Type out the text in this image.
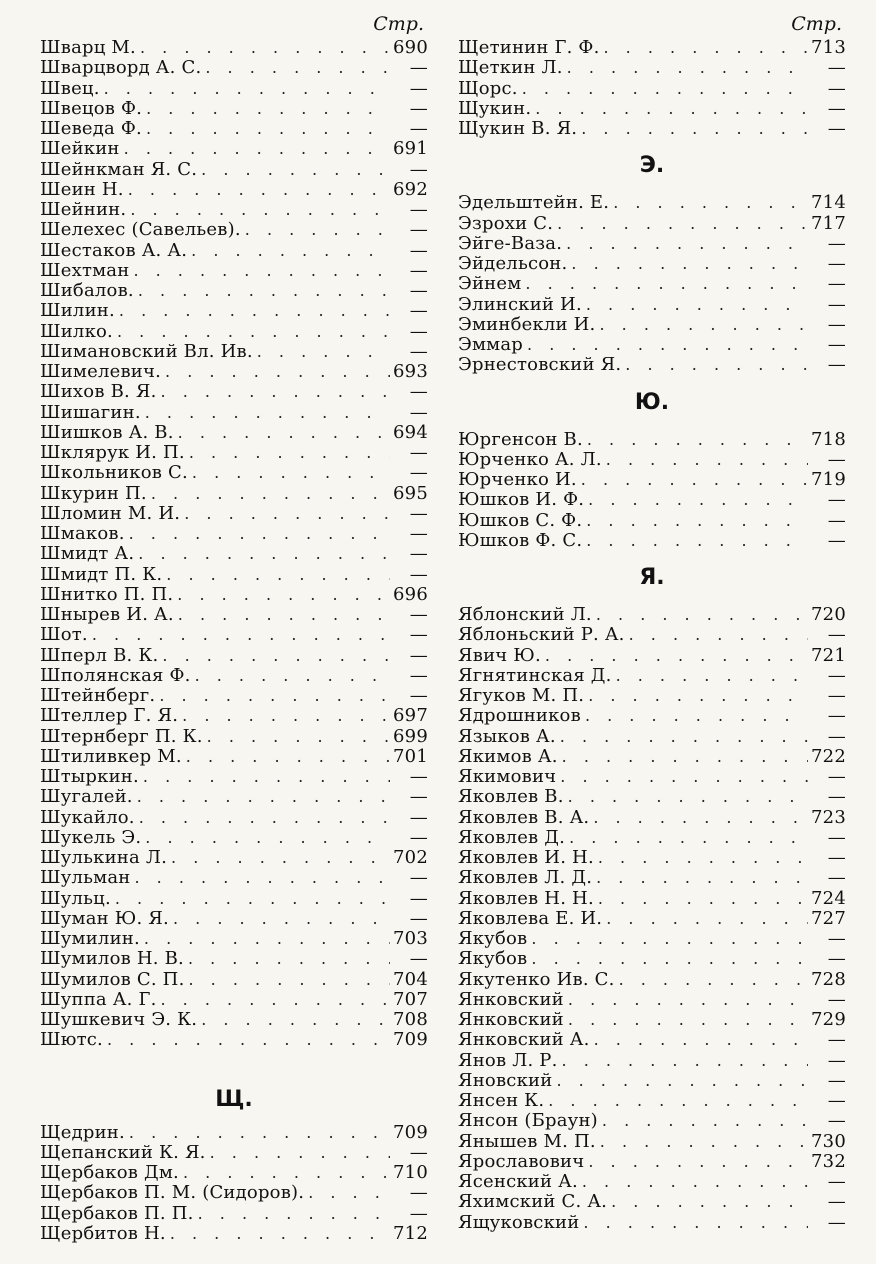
Стр.
Шварц М. . . .	690
Шварцворд А. С. . . .	—
Швец. . . .	—
Швецов Ф. . . .	—
Шеведа Ф. . . .	—
Шейкин . . .	691
Шейнкман Я. С. . . .	—
Шеин Н. . . .	692
Шейнин. . . .	—
Шелехес (Савельев). . . .	—
Шестаков А. А. . . .	—
Шехтман . . .	—
Шибалов. . . .	—
Шилин. . . .	—
Шилко. . . .	—
Шимановский Вл. Ив. . . .	—
Шимелевич. . . .	693
Шихов В. Я. . . .	—
Шишагин. . . .	—
Шишков А. В. . . .	694
Шклярук И. П. . . .	—
Школьников С. . . .	—
Шкурин П. . . .	695
Шломин М. И. . . .	—
Шмаков. . . .	—
Шмидт А. . . .	—
Шмидт П. К. . . .	—
Шнитко П. П. . . .	696
Шнырев И. А. . . .	—
Шот. . . .	—
Шперл В. К. . . .	—
Шполянская Ф. . . .	—
Штейнберг. . . .	—
Штеллер Г. Я. . . .	697
Штернберг П. К. . . .	699
Штиливкер М. . . .	701
Штыркин. . . .	—
Шугалей. . . .	—
Шукайло. . . .	—
Шукель Э. . . .	—
Шулькина Л. . . .	702
Шульман . . .	—
Шульц. . . .	—
Шуман Ю. Я. . . .	—
Шумилин. . . .	703
Шумилов Н. В. . . .	—
Шумилов С. П. . . .	704
Шуппа А. Г. . . .	707
Шушкевич Э. К. . . .	708
Шютс. . . .	709
Щ.
Щедрин. . . .	709
Щепанский К. Я. . . .	—
Щербаков Дм. . . .	710
Щербаков П. М. (Сидоров). . . .	—
Щербаков П. П. . . .	—
Щербитов Н. . . .	712
Стр.
Щетинин Г. Ф. . . .	713
Щеткин Л. . . .	—
Щорс. . . .	—
Щукин. . . .	—
Щукин В. Я. . . .	—
Э.
Эдельштейн. Е. . . .	714
Эзрохи С. . . .	717
Эйге-Ваза. . . .	—
Эйдельсон. . . .	—
Эйнем . . .	—
Элинский И. . . .	—
Эминбекли И. . . .	—
Эммар . . .	—
Эрнестовский Я. . . .	—
Ю.
Юргенсон В. . . .	718
Юрченко А. Л. . . .	—
Юрченко И. . . .	719
Юшков И. Ф. . . .	—
Юшков С. Ф. . . .	—
Юшков Ф. С. . . .	—
Я.
Яблонский Л. . . .	720
Яблоньский Р. А. . . .	—
Явич Ю. . . .	721
Ягнятинская Д. . . .	—
Ягуков М. П. . . .	—
Ядрошников . . .	—
Языков А. . . .	—
Якимов А. . . .	722
Якимович . . .	—
Яковлев В. . . .	—
Яковлев В. А. . . .	723
Яковлев Д. . . .	—
Яковлев И. Н. . . .	—
Яковлев Л. Д. . . .	—
Яковлев Н. Н. . . .	724
Яковлева Е. И. . . .	727
Якубов . . .	—
Якубов . . .	—
Якутенко Ив. С. . . .	728
Янковский . . .	—
Янковский . . .	729
Янковский А. . . .	—
Янов Л. Р. . . .	—
Яновский . . .	—
Янсен К. . . .	—
Янсон (Браун) . . .	—
Янышев М. П. . . .	730
Ярославович . . .	732
Ясенский А. . . .	—
Яхимский С. А. . . .	—
Ящуковский . . .	—
